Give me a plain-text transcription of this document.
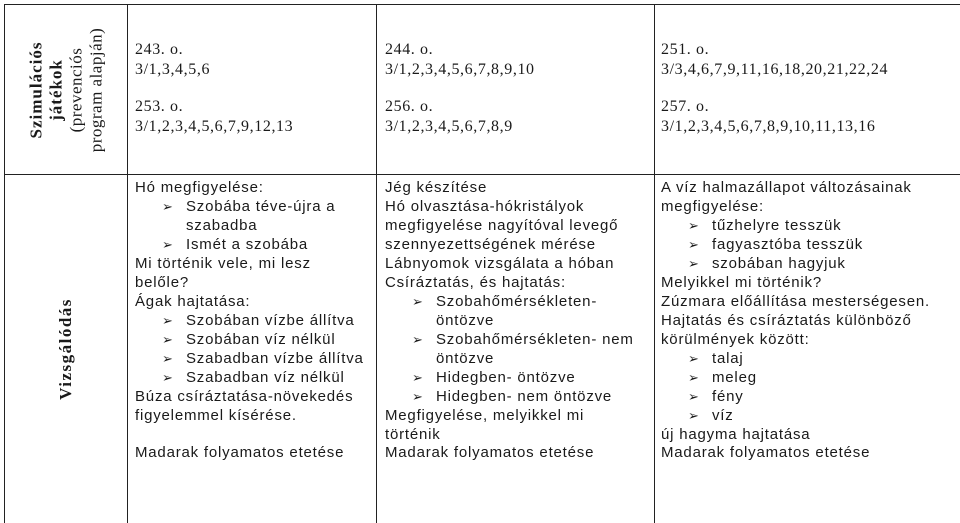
Szimulációs játékok (prevenciós program alapján) 243. o.
3/1,3,4,5,6
253. o.
3/1,2,3,4,5,6,7,9,12,13
244. o.
3/1,2,3,4,5,6,7,8,9,10
256. o.
3/1,2,3,4,5,6,7,8,9
251. o.
3/3,4,6,7,9,11,16,18,20,21,22,24
257. o.
3/1,2,3,4,5,6,7,8,9,10,11,13,16
Vizsgálódás
Hó megfigyelése:
➢ Szobába téve-újra a
szabadba
➢ Ismét a szobába
Mi történik vele, mi lesz
belőle?
Ágak hajtatása:
➢ Szobában vízbe állítva
➢ Szobában víz nélkül
➢ Szabadban vízbe állítva
➢ Szabadban víz nélkül
Búza csíráztatása-növekedés
figyelemmel kísérése.
Jég készítése
Hó olvasztása-hókristályok
megfigyelése nagyítóval levegő
szennyezettségének mérése
Lábnyomok vizsgálata a hóban
Csíráztatás, és hajtatás:
➢ Szobahőmérsékleten-
öntözve
➢ Szobahőmérsékleten- nem
öntözve
➢ Hidegben- öntözve
➢ Hidegben- nem öntözve
Megfigyelése, melyikkel mi
történik
A víz halmazállapot változásainak
megfigyelése:
➢ tűzhelyre tesszük
➢ fagyasztóba tesszük
➢ szobában hagyjuk
Melyikkel mi történik?
Zúzmara előállítása mesterségesen.
Hajtatás és csíráztatás különböző
körülmények között:
➢ talaj
➢ meleg
➢ fény
➢ víz
új hagyma hajtatása
Madarak folyamatos etetése	Madarak folyamatos etetése	Madarak folyamatos etetése
